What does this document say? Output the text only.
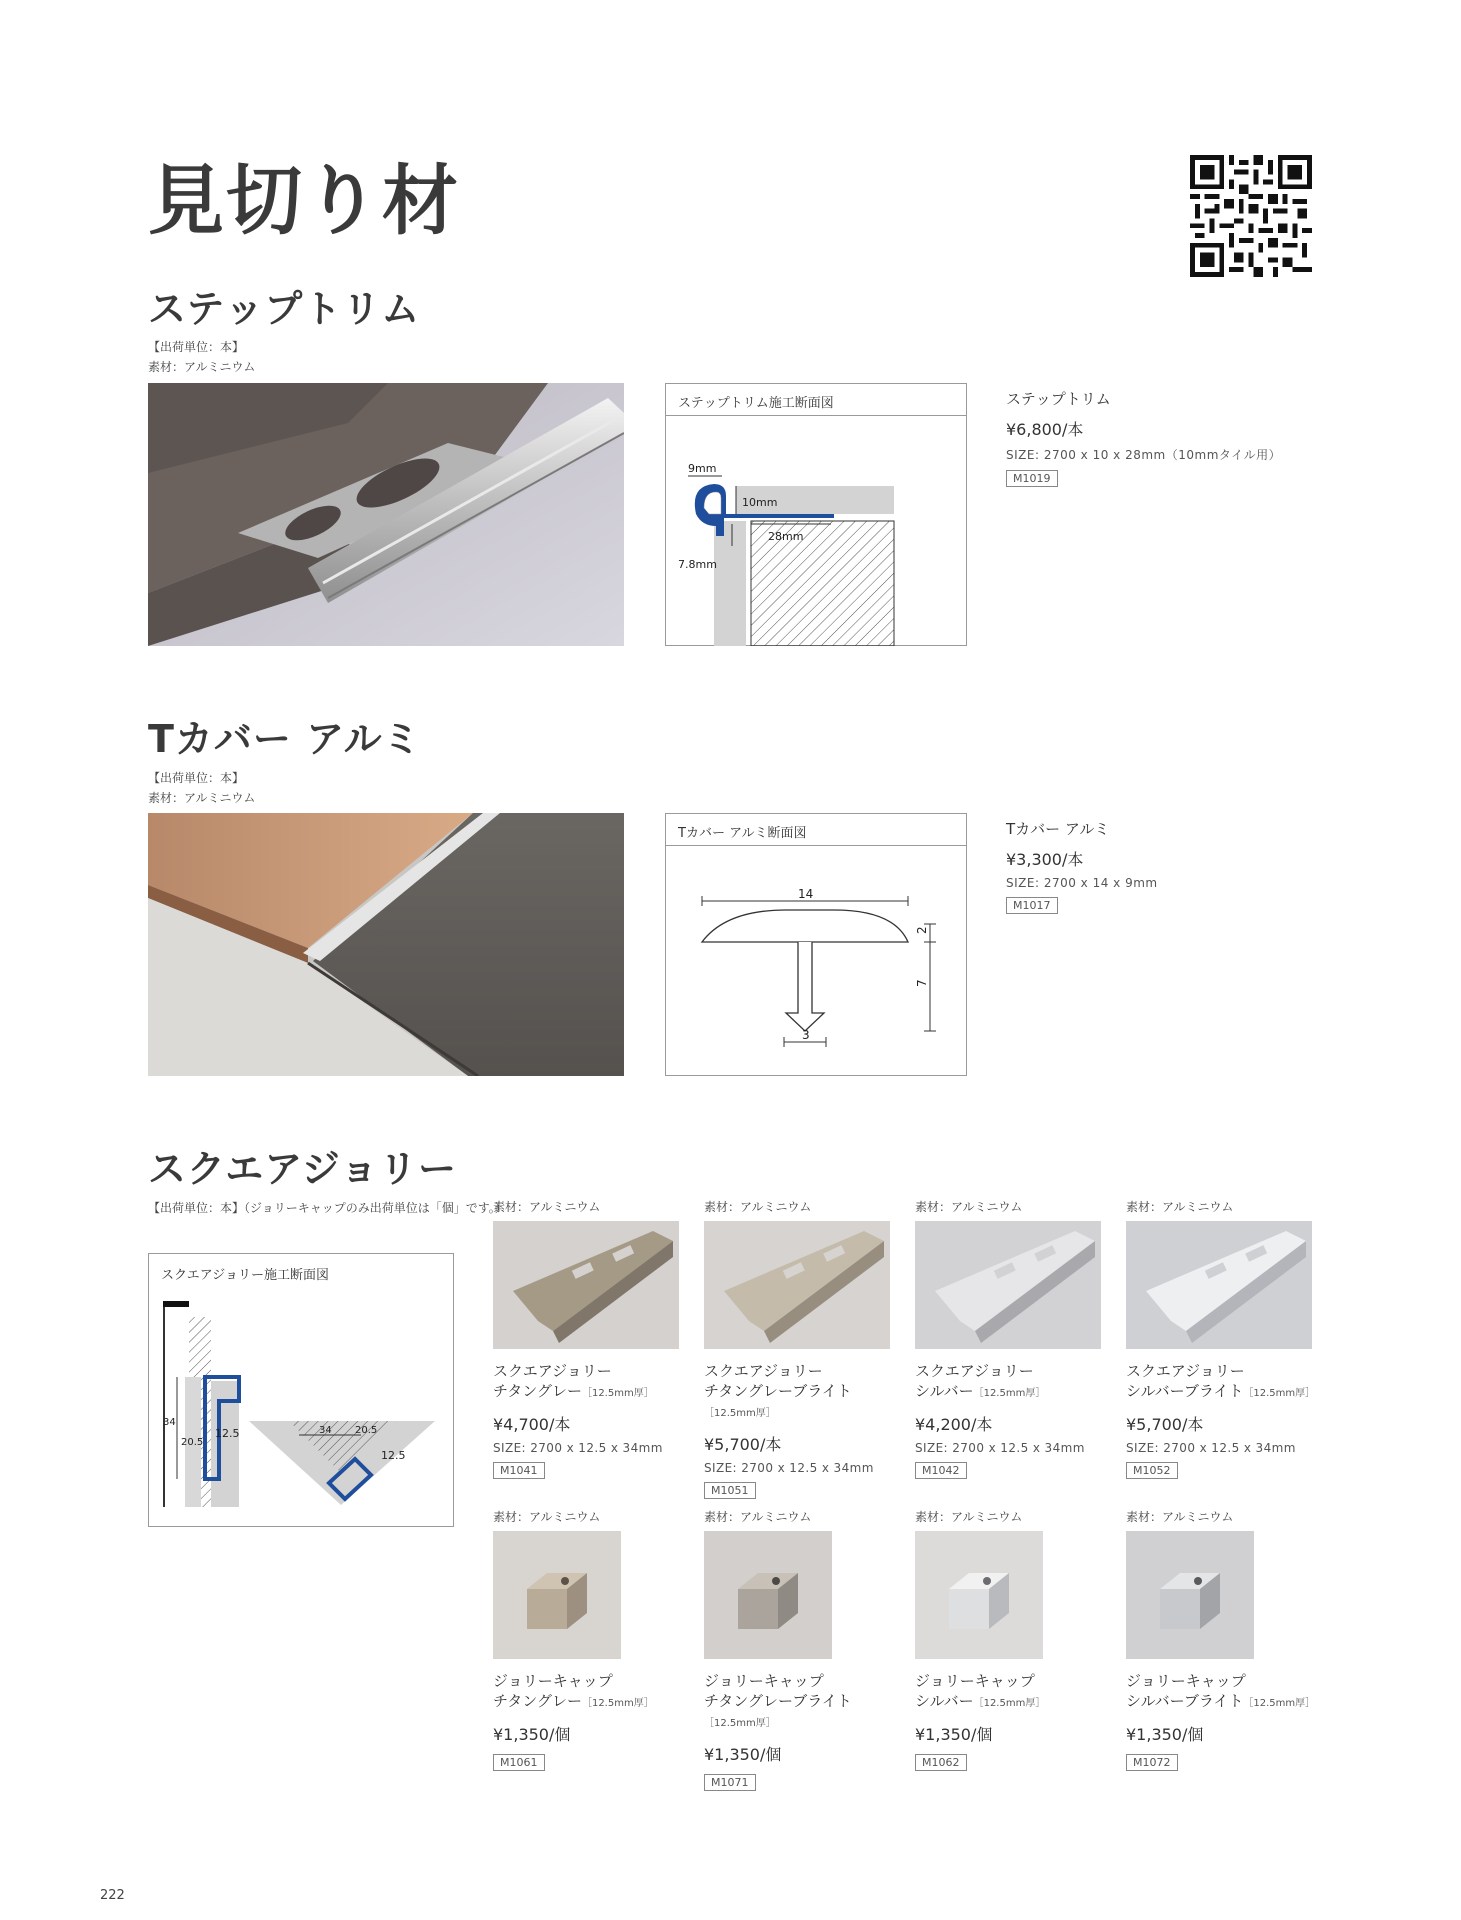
見切り材
ステップトリム
【出荷単位：本】
素材：アルミニウム
ステップトリム施工断面図
9mm
10mm
28mm
7.8mm
ステップトリム
¥6,800/本
SIZE: 2700 x 10 x 28mm（10mmタイル用）
M1019
Tカバー アルミ
【出荷単位：本】
素材：アルミニウム
Tカバー アルミ断面図
14
2
7
3
Tカバー アルミ
¥3,300/本
SIZE: 2700 x 14 x 9mm
M1017
スクエアジョリー
【出荷単位：本】（ジョリーキャップのみ出荷単位は「個」です。）
スクエアジョリー施工断面図
34
20.5
12.5	34 20.5
12.5
素材：アルミニウム
スクエアジョリー
チタングレー［12.5mm厚］
¥4,700/本
SIZE: 2700 x 12.5 x 34mm
M1041
素材：アルミニウム
スクエアジョリー
チタングレーブライト［12.5mm厚］
¥5,700/本
SIZE: 2700 x 12.5 x 34mm
M1051
素材：アルミニウム
スクエアジョリー
シルバー［12.5mm厚］
¥4,200/本
SIZE: 2700 x 12.5 x 34mm
M1042
素材：アルミニウム
スクエアジョリー
シルバーブライト［12.5mm厚］
¥5,700/本
SIZE: 2700 x 12.5 x 34mm
M1052
素材：アルミニウム
ジョリーキャップ
チタングレー［12.5mm厚］
¥1,350/個
M1061
素材：アルミニウム
ジョリーキャップ
チタングレーブライト［12.5mm厚］
¥1,350/個
M1071
素材：アルミニウム
ジョリーキャップ
シルバー［12.5mm厚］
¥1,350/個
M1062
素材：アルミニウム
ジョリーキャップ
シルバーブライト［12.5mm厚］
¥1,350/個
M1072
222
